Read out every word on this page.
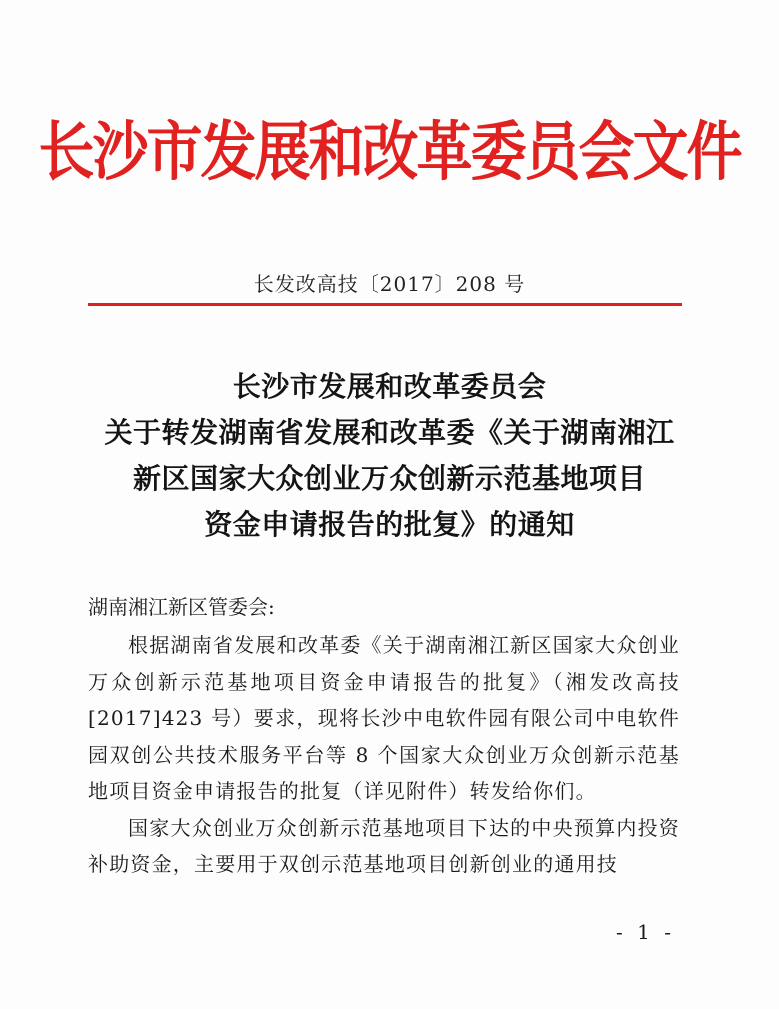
长沙市发展和改革委员会文件
长发改高技〔2017〕208 号
长沙市发展和改革委员会
关于转发湖南省发展和改革委《关于湖南湘江
新区国家大众创业万众创新示范基地项目
资金申请报告的批复》的通知
湖南湘江新区管委会:

根据湖南省发展和改革委《关于湖南湘江新区国家大众创业万众创新示范基地项目资金申请报告的批复》（湘发改高技[2017]423 号）要求，现将长沙中电软件园有限公司中电软件园双创公共技术服务平台等 8 个国家大众创业万众创新示范基地项目资金申请报告的批复（详见附件）转发给你们。

国家大众创业万众创新示范基地项目下达的中央预算内投资补助资金，主要用于双创示范基地项目创新创业的通用技

- 1 -
